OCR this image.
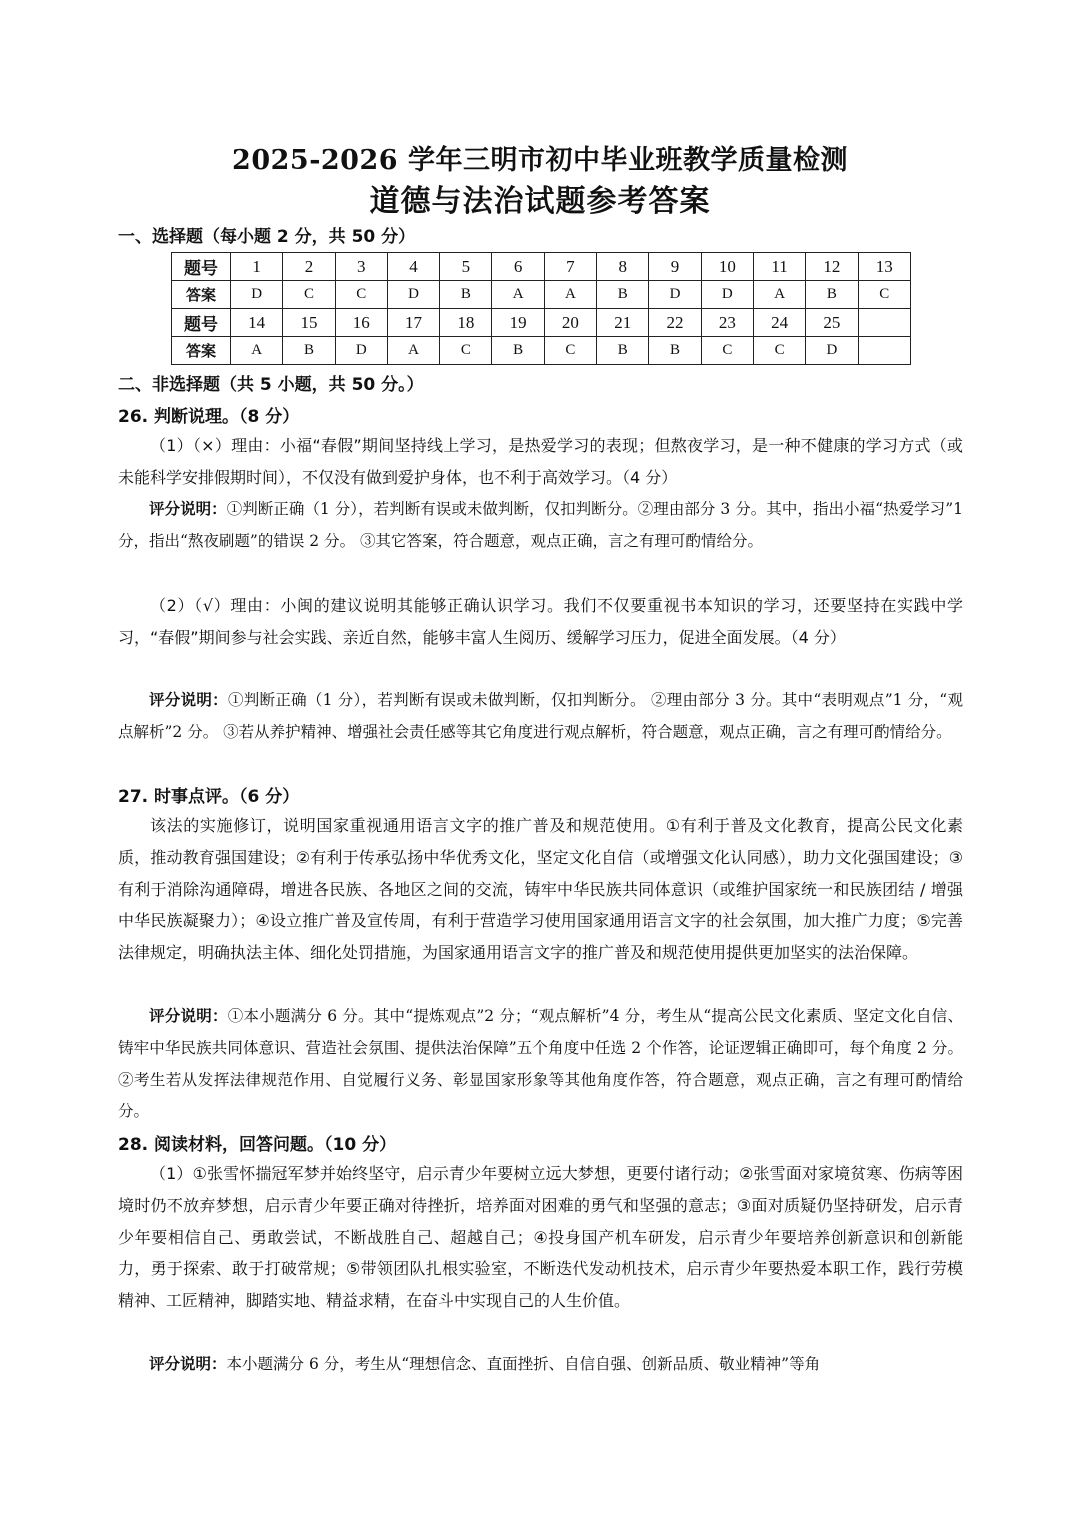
2025-2026 学年三明市初中毕业班教学质量检测
道德与法治试题参考答案
一、选择题（每小题 2 分，共 50 分）
题号	1	2	3	4	5	6	7	8	9	10	11	12	13
答案	D	C	C	D	B	A	A	B	D	D	A	B	C
题号	14	15	16	17	18	19	20	21	22	23	24	25	
答案	A	B	D	A	C	B	C	B	B	C	C	D	
二、非选择题（共 5 小题，共 50 分。）
26. 判断说理。（8 分）
（1）（×）理由：小福“春假”期间坚持线上学习，是热爱学习的表现；但熬夜学习，是一种不健康的学习方式（或未能科学安排假期时间），不仅没有做到爱护身体，也不利于高效学习。（4 分）
评分说明：①判断正确（1 分），若判断有误或未做判断，仅扣判断分。②理由部分 3 分。其中，指出小福“热爱学习”1 分，指出“熬夜刷题”的错误 2 分。 ③其它答案，符合题意，观点正确，言之有理可酌情给分。
（2）（√）理由：小闽的建议说明其能够正确认识学习。我们不仅要重视书本知识的学习，还要坚持在实践中学习，“春假”期间参与社会实践、亲近自然，能够丰富人生阅历、缓解学习压力，促进全面发展。（4 分）
评分说明：①判断正确（1 分），若判断有误或未做判断，仅扣判断分。 ②理由部分 3 分。其中“表明观点”1 分，“观点解析”2 分。 ③若从养护精神、增强社会责任感等其它角度进行观点解析，符合题意，观点正确，言之有理可酌情给分。
27. 时事点评。（6 分）
该法的实施修订，说明国家重视通用语言文字的推广普及和规范使用。①有利于普及文化教育，提高公民文化素质，推动教育强国建设；②有利于传承弘扬中华优秀文化，坚定文化自信（或增强文化认同感），助力文化强国建设；③有利于消除沟通障碍，增进各民族、各地区之间的交流，铸牢中华民族共同体意识（或维护国家统一和民族团结 / 增强中华民族凝聚力）；④设立推广普及宣传周，有利于营造学习使用国家通用语言文字的社会氛围，加大推广力度；⑤完善法律规定，明确执法主体、细化处罚措施，为国家通用语言文字的推广普及和规范使用提供更加坚实的法治保障。
评分说明：①本小题满分 6 分。其中“提炼观点”2 分；“观点解析”4 分，考生从“提高公民文化素质、坚定文化自信、铸牢中华民族共同体意识、营造社会氛围、提供法治保障”五个角度中任选 2 个作答，论证逻辑正确即可，每个角度 2 分。②考生若从发挥法律规范作用、自觉履行义务、彰显国家形象等其他角度作答，符合题意，观点正确，言之有理可酌情给分。
28. 阅读材料，回答问题。（10 分）
（1）①张雪怀揣冠军梦并始终坚守，启示青少年要树立远大梦想，更要付诸行动；②张雪面对家境贫寒、伤病等困境时仍不放弃梦想，启示青少年要正确对待挫折，培养面对困难的勇气和坚强的意志；③面对质疑仍坚持研发，启示青少年要相信自己、勇敢尝试，不断战胜自己、超越自己；④投身国产机车研发，启示青少年要培养创新意识和创新能力，勇于探索、敢于打破常规；⑤带领团队扎根实验室，不断迭代发动机技术，启示青少年要热爱本职工作，践行劳模精神、工匠精神，脚踏实地、精益求精，在奋斗中实现自己的人生价值。
评分说明：本小题满分 6 分，考生从“理想信念、直面挫折、自信自强、创新品质、敬业精神”等角
